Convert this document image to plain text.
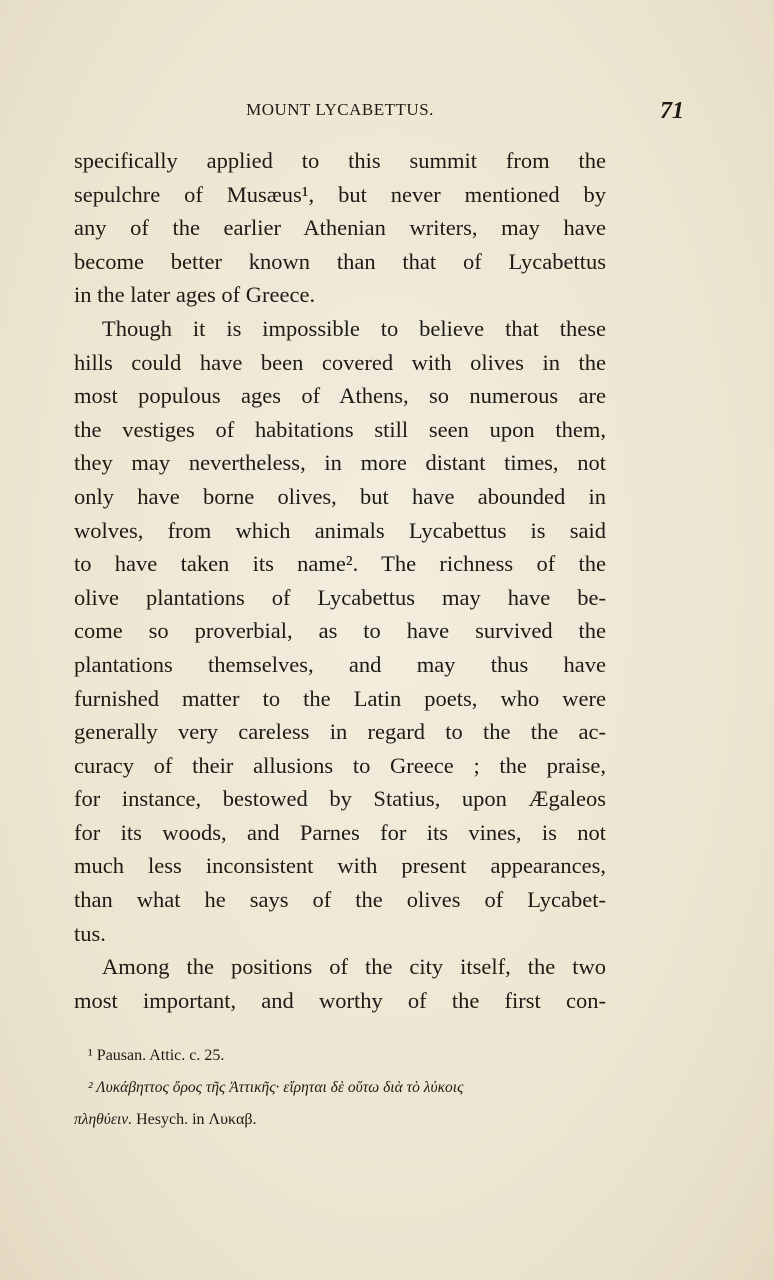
MOUNT LYCABETTUS.	71
specifically applied to this summit from the
sepulchre of Musæus¹, but never mentioned by
any of the earlier Athenian writers, may have
become better known than that of Lycabettus
in the later ages of Greece.
Though it is impossible to believe that these
hills could have been covered with olives in the
most populous ages of Athens, so numerous are
the vestiges of habitations still seen upon them,
they may nevertheless, in more distant times, not
only have borne olives, but have abounded in
wolves, from which animals Lycabettus is said
to have taken its name². The richness of the
olive plantations of Lycabettus may have be-
come so proverbial, as to have survived the
plantations themselves, and may thus have
furnished matter to the Latin poets, who were
generally very careless in regard to the the ac-
curacy of their allusions to Greece ; the praise,
for instance, bestowed by Statius, upon Ægaleos
for its woods, and Parnes for its vines, is not
much less inconsistent with present appearances,
than what he says of the olives of Lycabet-
tus.
Among the positions of the city itself, the two
most important, and worthy of the first con-
¹ Pausan. Attic. c. 25.
² Λυκάβηττος ὄρος τῆς Ἀττικῆς· εἴρηται δὲ οὕτω διὰ τὸ λύκοις
πληθύειν. Hesych. in Λυκαβ.
